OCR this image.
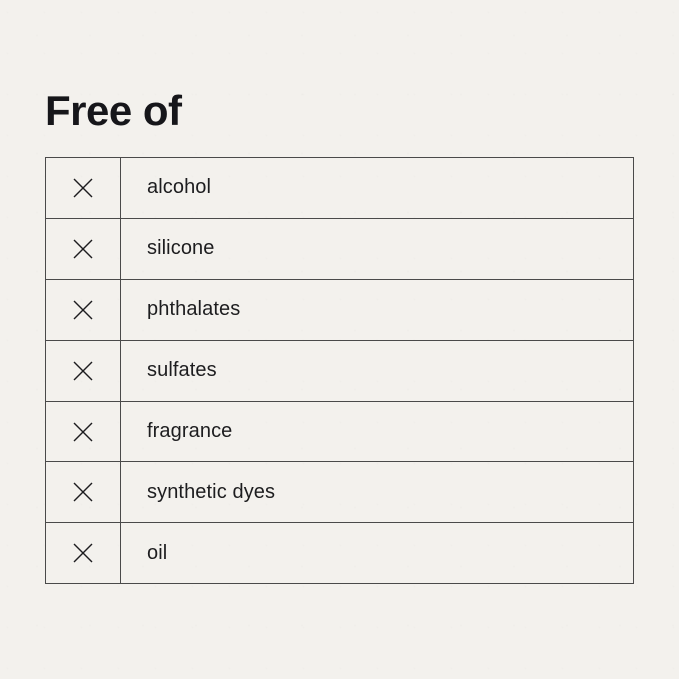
Free of
alcohol
silicone
phthalates
sulfates
fragrance
synthetic dyes
oil
